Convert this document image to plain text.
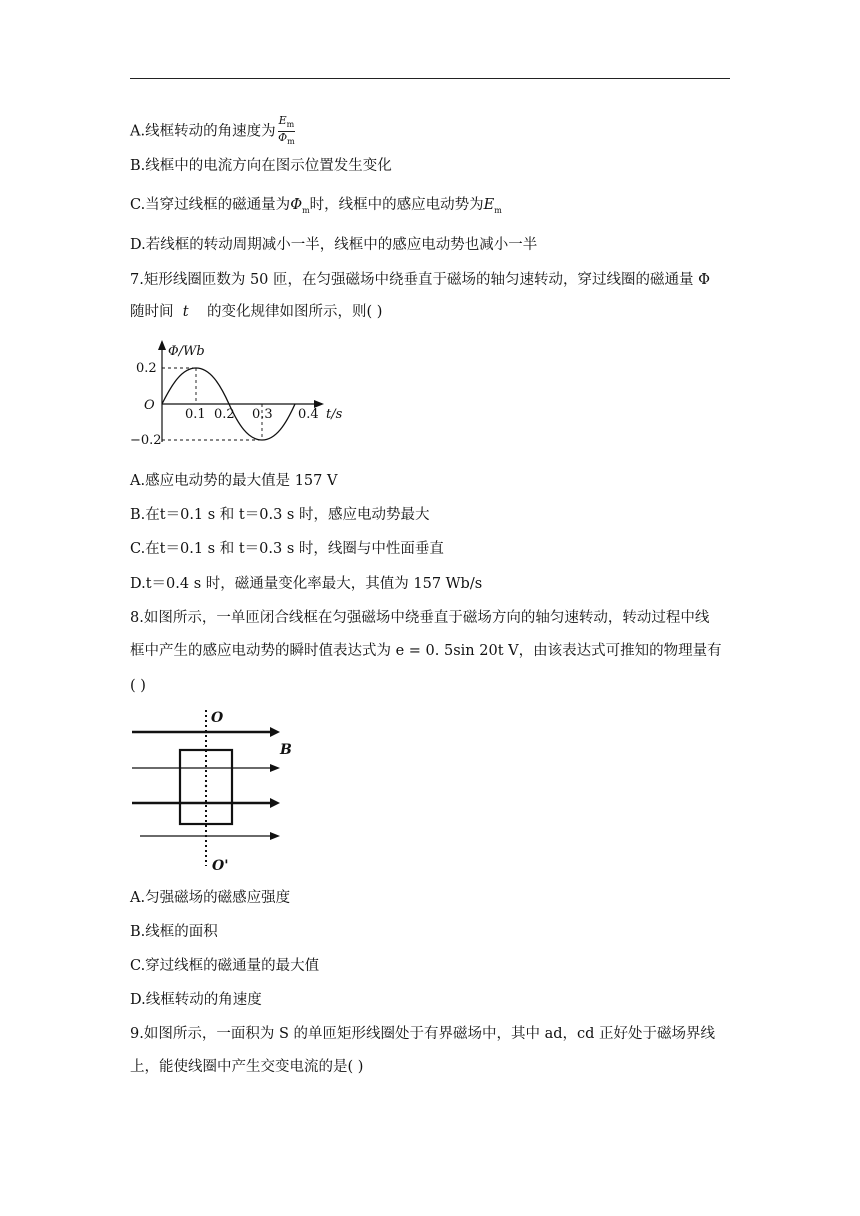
A.线框转动的角速度为 $\frac{E_m}{\Phi_m}$
B.线框中的电流方向在图示位置发生变化
C.当穿过线框的磁通量为$\Phi_m$时，线框中的感应电动势为$E_m$
D.若线框的转动周期减小一半，线框中的感应电动势也减小一半
7.矩形线圈匝数为 50 匝，在匀强磁场中绕垂直于磁场的轴匀速转动，穿过线圈的磁通量 Φ
随时间 t 的变化规律如图所示，则( )
Φ/Wb
0.2
−0.2
O
0.1 0.2 0.3 0.4 t/s
A.感应电动势的最大值是 157 V
B.在t＝0.1 s 和 t＝0.3 s 时，感应电动势最大
C.在t＝0.1 s 和 t＝0.3 s 时，线圈与中性面垂直
D.t＝0.4 s 时，磁通量变化率最大，其值为 157 Wb/s
8.如图所示，一单匝闭合线框在匀强磁场中绕垂直于磁场方向的轴匀速转动，转动过程中线
框中产生的感应电动势的瞬时值表达式为 e = 0. 5sin 20t V，由该表达式可推知的物理量有
( )
O
O'
B
A.匀强磁场的磁感应强度
B.线框的面积
C.穿过线框的磁通量的最大值
D.线框转动的角速度
9.如图所示，一面积为 S 的单匝矩形线圈处于有界磁场中，其中 ad，cd 正好处于磁场界线
上，能使线圈中产生交变电流的是( )
